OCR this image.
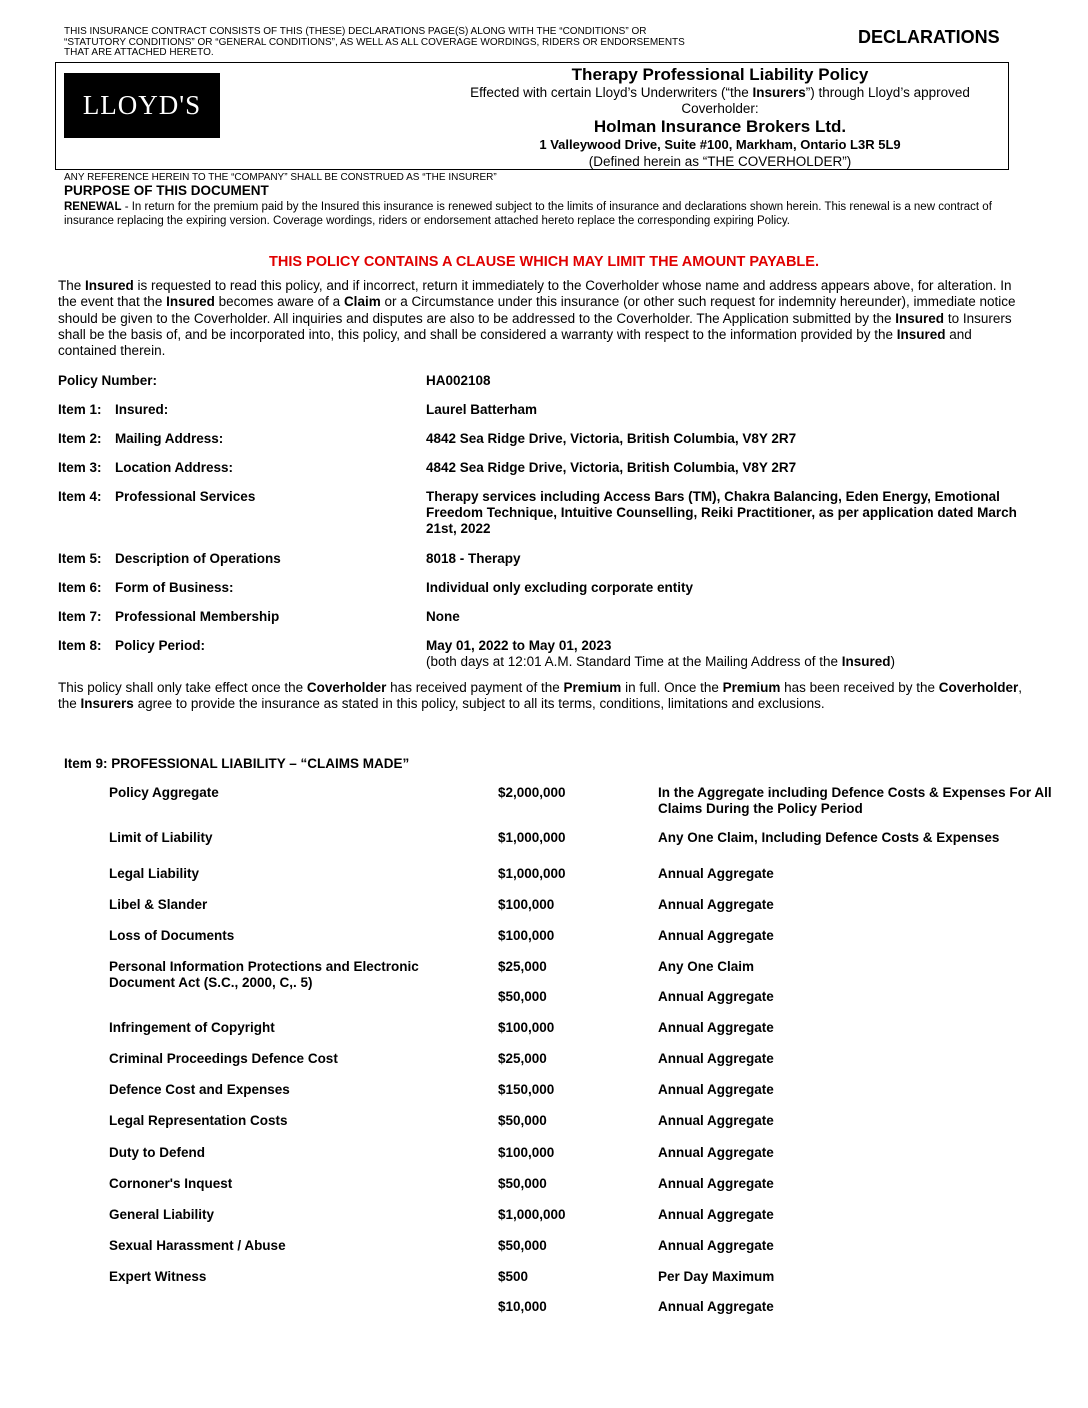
THIS INSURANCE CONTRACT CONSISTS OF THIS (THESE) DECLARATIONS PAGE(S) ALONG WITH THE “CONDITIONS” OR “STATUTORY CONDITIONS” OR “GENERAL CONDITIONS”, AS WELL AS ALL COVERAGE WORDINGS, RIDERS OR ENDORSEMENTS THAT ARE ATTACHED HERETO.
DECLARATIONS
LLOYD'S
Therapy Professional Liability Policy
Effected with certain Lloyd’s Underwriters (“the Insurers”) through Lloyd’s approved Coverholder:
Holman Insurance Brokers Ltd.
1 Valleywood Drive, Suite #100, Markham, Ontario L3R 5L9
(Defined herein as “THE COVERHOLDER”)
ANY REFERENCE HEREIN TO THE “COMPANY” SHALL BE CONSTRUED AS “THE INSURER”
PURPOSE OF THIS DOCUMENT
RENEWAL - In return for the premium paid by the Insured this insurance is renewed subject to the limits of insurance and declarations shown herein. This renewal is a new contract of insurance replacing the expiring version. Coverage wordings, riders or endorsement attached hereto replace the corresponding expiring Policy.
THIS POLICY CONTAINS A CLAUSE WHICH MAY LIMIT THE AMOUNT PAYABLE.
The Insured is requested to read this policy, and if incorrect, return it immediately to the Coverholder whose name and address appears above, for alteration. In the event that the Insured becomes aware of a Claim or a Circumstance under this insurance (or other such request for indemnity hereunder), immediate notice should be given to the Coverholder. All inquiries and disputes are also to be addressed to the Coverholder. The Application submitted by the Insured to Insurers shall be the basis of, and be incorporated into, this policy, and shall be considered a warranty with respect to the information provided by the Insured and contained therein.
Policy Number:	HA002108
Item 1: Insured:	Laurel Batterham
Item 2: Mailing Address:	4842 Sea Ridge Drive, Victoria, British Columbia, V8Y 2R7
Item 3: Location Address:	4842 Sea Ridge Drive, Victoria, British Columbia, V8Y 2R7
Item 4: Professional Services	Therapy services including Access Bars (TM), Chakra Balancing, Eden Energy, Emotional Freedom Technique, Intuitive Counselling, Reiki Practitioner, as per application dated March 21st, 2022
Item 5: Description of Operations	8018 - Therapy
Item 6: Form of Business:	Individual only excluding corporate entity
Item 7: Professional Membership	None
Item 8: Policy Period:	May 01, 2022 to May 01, 2023
(both days at 12:01 A.M. Standard Time at the Mailing Address of the Insured)
This policy shall only take effect once the Coverholder has received payment of the Premium in full. Once the Premium has been received by the Coverholder, the Insurers agree to provide the insurance as stated in this policy, subject to all its terms, conditions, limitations and exclusions.
Item 9: PROFESSIONAL LIABILITY – “CLAIMS MADE”
Policy Aggregate	$2,000,000	In the Aggregate including Defence Costs & Expenses For All Claims During the Policy Period
Limit of Liability	$1,000,000	Any One Claim, Including Defence Costs & Expenses
Legal Liability	$1,000,000	Annual Aggregate
Libel & Slander	$100,000	Annual Aggregate
Loss of Documents	$100,000	Annual Aggregate
Personal Information Protections and Electronic Document Act (S.C., 2000, C,. 5)
$25,000	Any One Claim
$50,000	Annual Aggregate
Infringement of Copyright	$100,000	Annual Aggregate
Criminal Proceedings Defence Cost	$25,000	Annual Aggregate
Defence Cost and Expenses	$150,000	Annual Aggregate
Legal Representation Costs	$50,000	Annual Aggregate
Duty to Defend	$100,000	Annual Aggregate
Cornoner's Inquest	$50,000	Annual Aggregate
General Liability	$1,000,000	Annual Aggregate
Sexual Harassment / Abuse	$50,000	Annual Aggregate
Expert Witness	$500	Per Day Maximum
$10,000	Annual Aggregate
